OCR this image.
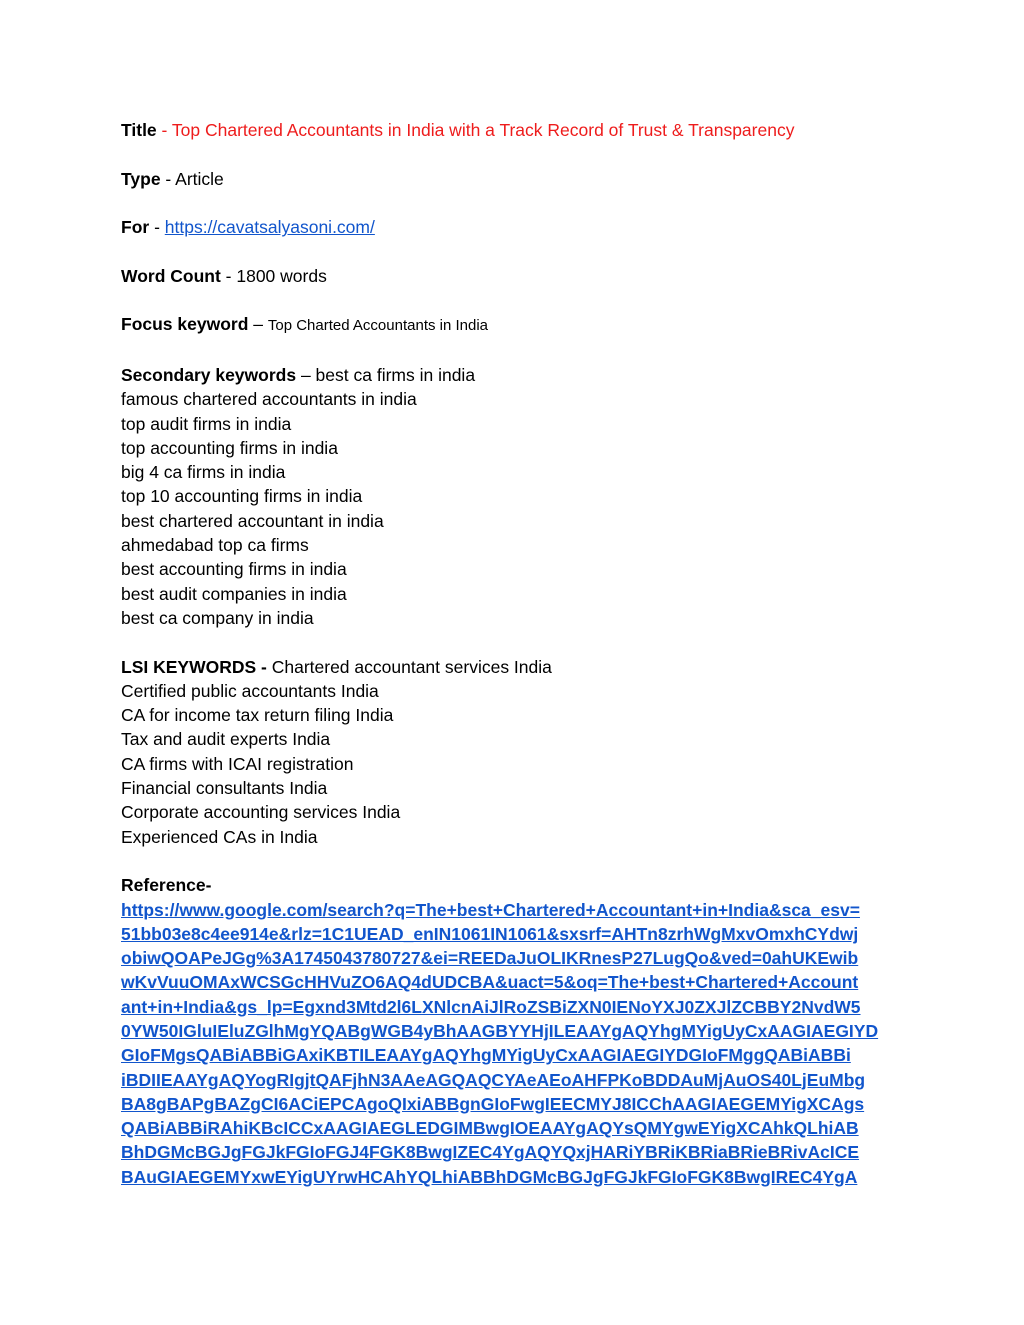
Title - Top Chartered Accountants in India with a Track Record of Trust & Transparency

Type - Article

For - https://cavatsalyasoni.com/

Word Count - 1800 words

Focus keyword – Top Charted Accountants in India

Secondary keywords – best ca firms in india

famous chartered accountants in india

top audit firms in india

top accounting firms in india

big 4 ca firms in india

top 10 accounting firms in india

best chartered accountant in india

ahmedabad top ca firms

best accounting firms in india

best audit companies in india

best ca company in india

LSI KEYWORDS - Chartered accountant services India

Certified public accountants India

CA for income tax return filing India

Tax and audit experts India

CA firms with ICAI registration

Financial consultants India

Corporate accounting services India

Experienced CAs in India

Reference-

https://www.google.com/search?q=The+best+Chartered+Accountant+in+India&sca_esv=

51bb03e8c4ee914e&rlz=1C1UEAD_enIN1061IN1061&sxsrf=AHTn8zrhWgMxvOmxhCYdwj

obiwQOAPeJGg%3A1745043780727&ei=REEDaJuOLIKRnesP27LugQo&ved=0ahUKEwib

wKvVuuOMAxWCSGcHHVuZO6AQ4dUDCBA&uact=5&oq=The+best+Chartered+Account

ant+in+India&gs_lp=Egxnd3Mtd2l6LXNlcnAiJlRoZSBiZXN0IENoYXJ0ZXJlZCBBY2NvdW5

0YW50IGluIEluZGlhMgYQABgWGB4yBhAAGBYYHjILEAAYgAQYhgMYigUyCxAAGIAEGIYD

GIoFMgsQABiABBiGAxiKBTILEAAYgAQYhgMYigUyCxAAGIAEGIYDGIoFMggQABiABBi

iBDIIEAAYgAQYogRIgjtQAFjhN3AAeAGQAQCYAeAEoAHFPKoBDDAuMjAuOS40LjEuMbg

BA8gBAPgBAZgCI6ACiEPCAgoQIxiABBgnGIoFwgIEECMYJ8ICChAAGIAEGEMYigXCAgs

QABiABBiRAhiKBcICCxAAGIAEGLEDGIMBwgIOEAAYgAQYsQMYgwEYigXCAhkQLhiAB

BhDGMcBGJgFGJkFGIoFGJ4FGK8BwgIZEC4YgAQYQxjHARiYBRiKBRiaBRieBRivAcICE

BAuGIAEGEMYxwEYigUYrwHCAhYQLhiABBhDGMcBGJgFGJkFGIoFGK8BwgIREC4YgA
